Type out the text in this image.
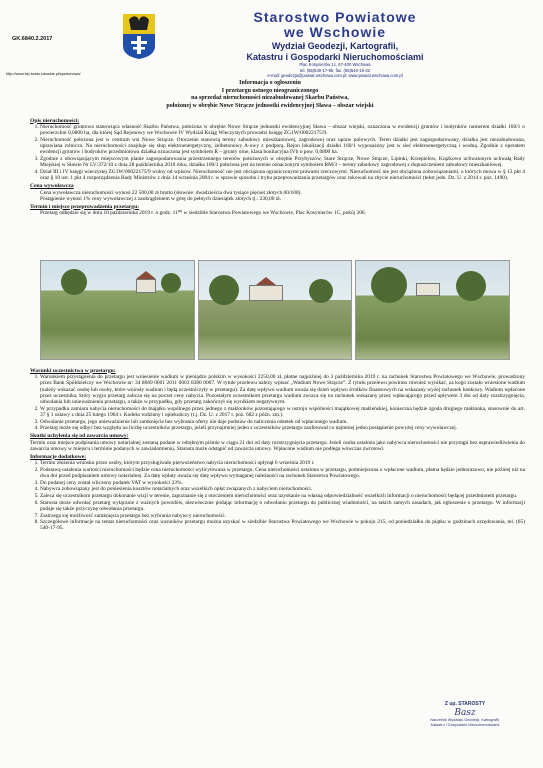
GK.6840.2.2017
http://www.bip.sesta.lubuskie.pl/spwschowa/
Starostwo Powiatowe
we Wschowie
Wydział Geodezji, Kartografii,
Katastru i Gospodarki Nieruchomościami
Plac Kosynierów 1c, 67-400 Wschowa
tel. (65)540-17-95, fax. (65)540-19-32
e-mail: geodezja@powiat.wschowa.com.pl; www.powiat.wschowa.com.pl
Informacja o ogłoszeniu
I przetargu ustnego nieograniczonego
na sprzedaż nieruchomości niezabudowanej Skarbu Państwa,
położonej w obrębie Nowe Strącze jednostki ewidencyjnej Sława – obszar wiejski
Opis nieruchomości:
1. Nieruchomość gruntowa stanowiąca własność Skarbu Państwa, położona w obrębie Nowe Strącze jednostki ewidencyjnej Sława – obszar wiejski, oznaczona w ewidencji gruntów i budynków numerem działki 160/1 o powierzchni 0,0800 ha, dla której Sąd Rejonowy we Wschowie IV Wydział Ksiąg Wieczystych prowadzi księgę ZG1W/00022175/9.
2. Nieruchomość położona jest w centrum wsi Nowe Strącze. Otoczenie stanowią tereny zabudowy mieszkaniowej, zagrodowej oraz upraw polowych. Teren działki jest zagospodarowany, działka jest niezabudowana, uprawiana rolniczo. Na nieruchomości znajduje się słup elektroenergetyczny, żelbetonowy A-owy z podporą. Rejon lokalizacji działki 160/1 wyposażony jest w sieć elektroenergetyczną i wodną. Zgodnie z operatem ewidencji gruntów i budynków przedmiotowa działka oznaczona jest symbolem R – grunty orne, klasa bonitacyjna IVb o pow. 0,0800 ha.
3. Zgodnie z obowiązującym miejscowym planie zagospodarowania przestrzennego terenów położonych w obrębie Przybyszów, Stare Strącze, Nowe Strącze, Lipinki, Krzepielów, Krążkowo uchwalonym uchwałą Rady Miejskiej w Sławie Nr LV/372/10 z dnia 28 października 2010 roku, działka 160/1 położona jest na terenie oznaczonym symbolem RM/3 – tereny zabudowy zagrodowej z dopuszczeniem zabudowy mieszkaniowej.
4. Dział III i IV księgi wieczystej ZG1W/00022175/9 wolny od wpisów. Nieruchomość nie jest obciążona ograniczonymi prawami rzeczowymi. Nieruchomość nie jest obciążona zobowiązaniami, o których mowa w § 13 pkt 4 oraz § 10 ust. 1 pkt 4 rozporządzenia Rady Ministrów z dnia 14 września 2004 r. w sprawie sposobu i trybu przeprowadzania przetargów oraz rokowań na zbycie nieruchomości (tekst jedn. Dz. U. z 2014 r. poz. 1490).
Cena wywoławcza

Cena wywoławcza nieruchomości wynosi 22 500,00 zł brutto (słownie: dwadzieścia dwa tysiące pięćset złotych 00/100).

Postąpienie wynosi 1% ceny wywoławczej z zaokrągleniem w górę do pełnych dziesiątek złotych tj.: 230,00 zł.

Termin i miejsce przeprowadzenia przetargu:

Przetarg odbędzie się w dniu 10 października 2019 r. o godz. 11⁰⁰ w siedzibie Starostwa Powiatowego we Wschowie, Plac Kosynierów 1C, pokój 206.

Warunki uczestnictwa w przetargu:
1. Warunkiem przystąpienia do przetargu jest wniesienie wadium w pieniądzu polskim w wysokości 2250,00 zł, płatne najpóźniej do 3 października 2019 r. na rachunek Starostwa Powiatowego we Wschowie, prowadzony przez Bank Spółdzielczy we Wschowie nr: 34 8669 0001 2011 0003 8380 0007. W tytule przelewu należy wpisać „Wadium Nowe Strącze”. Z tytułu przelewu powinno również wynikać, za kogo zostało wniesione wadium (należy wskazać osobę lub osoby, które wniosły wadium i będą uczestniczyły w przetargu). Za datę wpływu wadium uważa się dzień wpływu środków finansowych na wskazany wyżej rachunek bankowy. Wadium wpłacone przez uczestnika, który wygra przetarg zalicza się na poczet ceny nabycia. Pozostałym uczestnikom przetargu wadium zwraca się na rachunek wskazany przez wpłacającego przed upływem 3 dni od daty rozstrzygnięcia, odwołania lub unieważnienia przetargu, a także w przypadku, gdy przetarg zakończył się wynikiem negatywnym.
2. W przypadku zamiaru nabycia nieruchomości do majątku wspólnego przez jednego z małżonków pozostającego w ustroju wspólności majątkowej małżeńskiej, konieczna będzie zgoda drugiego małżonka, stosownie do art. 37 § 1 ustawy z dnia 25 lutego 1964 r. Kodeks rodzinny i opiekuńczy (t.j. Dz. U. z 2017 r. poz. 682 z późn. zm.).
3. Odwołanie przetargu, jego unieważnienie lub zamknięcie bez wybrania oferty nie daje podstaw do naliczenia odsetek od wpłaconego wadium.
4. Przetarg może się odbyć bez względu na liczbę uczestników przetargu, jeżeli przynajmniej jeden z uczestników przetargu zaoferował co najmniej jedno postąpienie powyżej ceny wywoławczej.
Skutki uchylenia się od zawarcia umowy:

Termin oraz miejsce podpisania umowy notarialnej zostaną podane w odrębnym piśmie w ciągu 21 dni od daty rozstrzygnięcia przetargu. Jeżeli osoba ustalona jako nabywca nieruchomości nie przystąpi bez usprawiedliwienia do zawarcia umowy w miejscu i terminie podanych w zawiadomieniu, Starosta może odstąpić od zawarcia umowy. Wpłacone wadium nie podlega wówczas zwrotowi.

Informacje dodatkowe:
1. Termin złożenia wniosku przez osoby, którym przysługiwało pierwszeństwo nabycia nieruchomości upłynął 6 września 2019 r.
2. Podstawą ustalenia wartości nieruchomości będzie cena nieruchomości wylicytowana w przetargu. Cena nieruchomości ustalona w przetargu, pomniejszona o wpłacone wadium, płatna będzie jednorazowo, nie później niż na dwa dni przed podpisaniem umowy notarialnej. Za datę wpłaty uważa się datę wpływu wymaganej należności na rachunek Starostwa Powiatowego.
3. Do podanej ceny został wliczony podatek VAT w wysokości 23%.
4. Nabywca zobowiązany jest do poniesienia kosztów notarialnych oraz wszelkich opłat związanych z nabyciem nieruchomości.
5. Zaleca się uczestnikom przetargu dokonanie wizji w terenie, zapoznanie się z otoczeniem nieruchomości oraz uzyskanie na własną odpowiedzialność wszelkich informacji o nieruchomości będącej przedmiotem przetargu.
6. Starosta może odwołać przetarg wyłącznie z ważnych powodów, niezwłocznie podając informację o odwołaniu przetargu do publicznej wiadomości, na takich samych zasadach, jak ogłoszenie o przetargu. W informacji podaje się także przyczynę odwołania przetargu.
7. Zastrzega się możliwość zamknięcia przetargu bez wybrania nabywcy nieruchomości.
8. Szczegółowe informacje na temat nieruchomości oraz warunków przetargu można uzyskać w siedzibie Starostwa Powiatowego we Wschowie w pokoju 215, od poniedziałku do piątku w godzinach urzędowania, tel. (65) 540-17-95.
Z up. STAROSTY
Basz
Naczelnik Wydziału Geodezji, Kartografii, Katastru i Gospodarki Nieruchomościami
